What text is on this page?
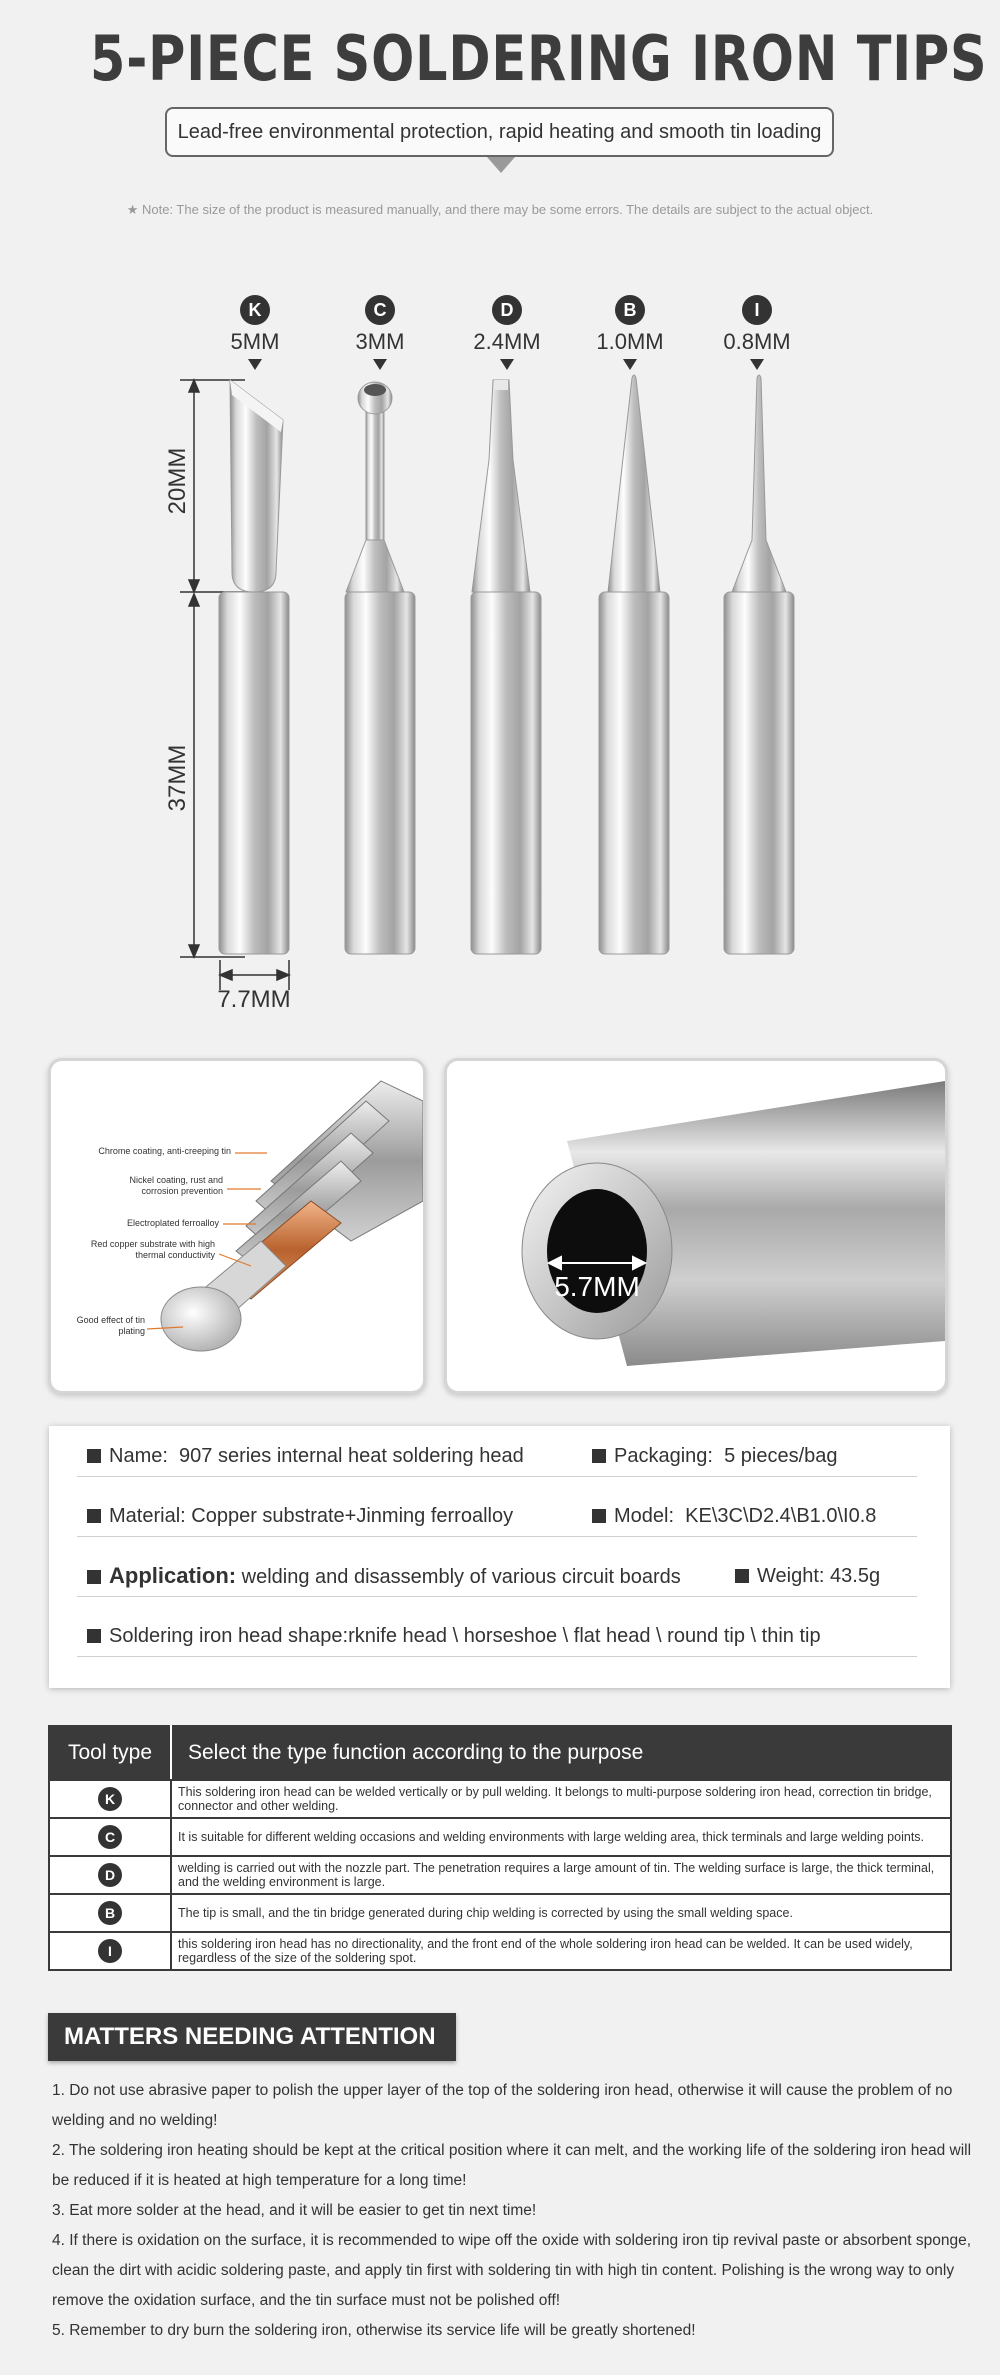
5-PIECE SOLDERING IRON TIPS
Lead-free environmental protection, rapid heating and smooth tin loading
★ Note: The size of the product is measured manually, and there may be some errors. The details are subject to the actual object.
K
5MM
C
3MM
D
2.4MM
B
1.0MM
I
0.8MM
20MM
37MM
7.7MM
Chrome coating, anti-creeping tin
Nickel coating, rust and corrosion prevention
Electroplated ferroalloy
Red copper substrate with high thermal conductivity
Good effect of tin plating
5.7MM
Name: 907 series internal heat soldering head	Packaging: 5 pieces/bag
Material: Copper substrate+Jinming ferroalloy	Model: KE\3C\D2.4\B1.0\I0.8
Application: welding and disassembly of various circuit boards	Weight: 43.5g
Soldering iron head shape:rknife head \ horseshoe \ flat head \ round tip \ thin tip
Tool type	Select the type function according to the purpose
K	This soldering iron head can be welded vertically or by pull welding. It belongs to multi-purpose soldering iron head, correction tin bridge, connector and other welding.
C	It is suitable for different welding occasions and welding environments with large welding area, thick terminals and large welding points.
D	welding is carried out with the nozzle part. The penetration requires a large amount of tin. The welding surface is large, the thick terminal, and the welding environment is large.
B	The tip is small, and the tin bridge generated during chip welding is corrected by using the small welding space.
I	this soldering iron head has no directionality, and the front end of the whole soldering iron head can be welded. It can be used widely, regardless of the size of the soldering spot.
MATTERS NEEDING ATTENTION

1. Do not use abrasive paper to polish the upper layer of the top of the soldering iron head, otherwise it will cause the problem of no welding and no welding!

2. The soldering iron heating should be kept at the critical position where it can melt, and the working life of the soldering iron head will be reduced if it is heated at high temperature for a long time!

3. Eat more solder at the head, and it will be easier to get tin next time!

4. If there is oxidation on the surface, it is recommended to wipe off the oxide with soldering iron tip revival paste or absorbent sponge, clean the dirt with acidic soldering paste, and apply tin first with soldering tin with high tin content. Polishing is the wrong way to only remove the oxidation surface, and the tin surface must not be polished off!

5. Remember to dry burn the soldering iron, otherwise its service life will be greatly shortened!
